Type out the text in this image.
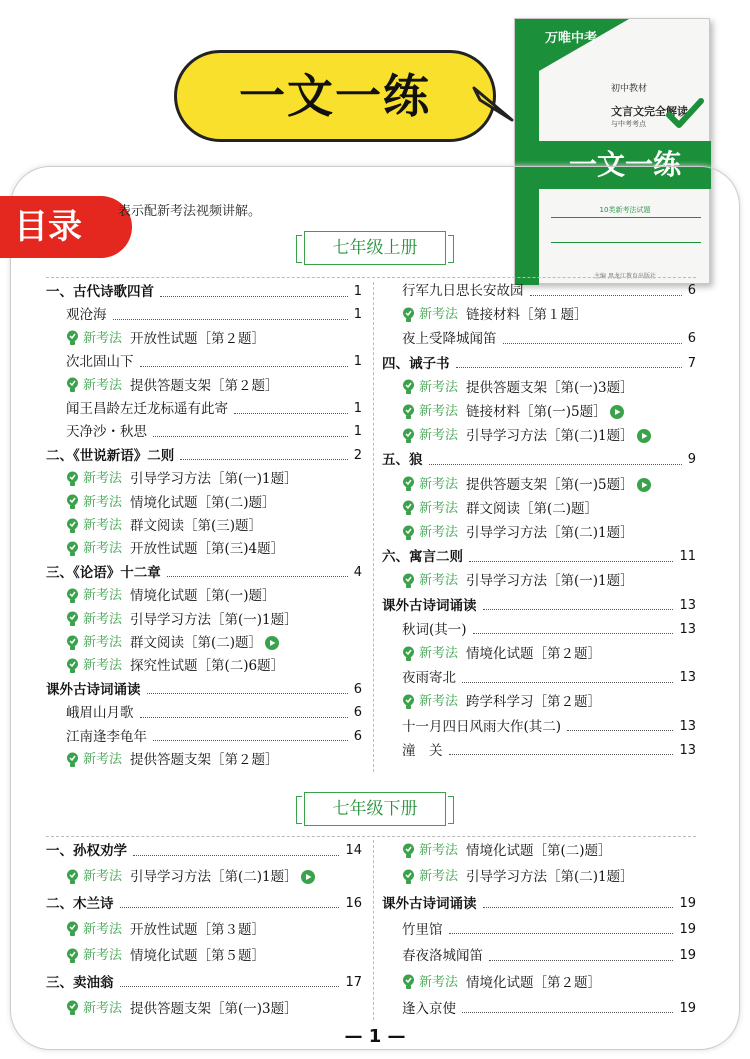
一文一练
万唯中考
初中教材
文言文完全解读
与中考考点
一文一练
10类新考法试题
主编 黑龙江教育出版社
目录	表示配新考法视频讲解。
七年级上册
七年级下册
一、古代诗歌四首	1
观沧海	1
新考法 开放性试题［第２题］
次北固山下	1
新考法 提供答题支架［第２题］
闻王昌龄左迁龙标遥有此寄	1
天净沙・秋思	1
二、《世说新语》二则	2
新考法 引导学习方法［第(一)1题］
新考法 情境化试题［第(二)题］
新考法 群文阅读［第(三)题］
新考法 开放性试题［第(三)4题］
三、《论语》十二章	4
新考法 情境化试题［第(一)题］
新考法 引导学习方法［第(一)1题］
新考法 群文阅读［第(二)题］
新考法 探究性试题［第(二)6题］
课外古诗词诵读	6
峨眉山月歌	6
江南逢李龟年	6
新考法 提供答题支架［第２题］
行军九日思长安故园	6
新考法 链接材料［第１题］
夜上受降城闻笛	6
四、诫子书	7
新考法 提供答题支架［第(一)3题］
新考法 链接材料［第(一)5题］
新考法 引导学习方法［第(二)1题］
五、狼	9
新考法 提供答题支架［第(一)5题］
新考法 群文阅读［第(二)题］
新考法 引导学习方法［第(二)1题］
六、寓言二则	11
新考法 引导学习方法［第(一)1题］
课外古诗词诵读	13
秋词(其一)	13
新考法 情境化试题［第２题］
夜雨寄北	13
新考法 跨学科学习［第２题］
十一月四日风雨大作(其二)	13
潼　关	13
一、孙权劝学	14
新考法 引导学习方法［第(二)1题］
二、木兰诗	16
新考法 开放性试题［第３题］
新考法 情境化试题［第５题］
三、卖油翁	17
新考法 提供答题支架［第(一)3题］
新考法 情境化试题［第(二)题］
新考法 引导学习方法［第(二)1题］
课外古诗词诵读	19
竹里馆	19
春夜洛城闻笛	19
新考法 情境化试题［第２题］
逢入京使	19
— 1 —
